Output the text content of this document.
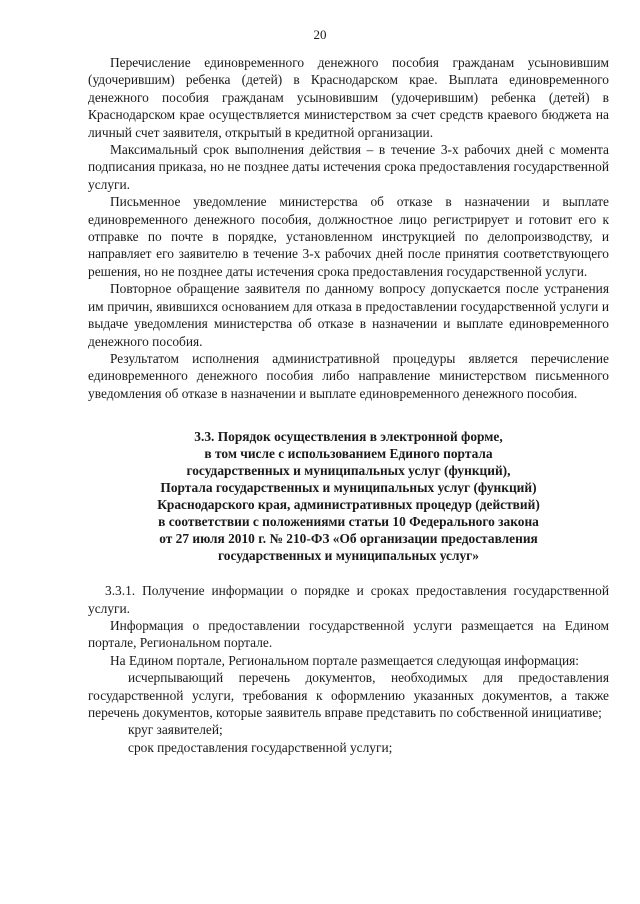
20

Перечисление единовременного денежного пособия гражданам усыновившим (удочерившим) ребенка (детей) в Краснодарском крае. Выплата единовременного денежного пособия гражданам усыновившим (удочерившим) ребенка (детей) в Краснодарском крае осуществляется министерством за счет средств краевого бюджета на личный счет заявителя, открытый в кредитной организации.

Максимальный срок выполнения действия – в течение 3-х рабочих дней с момента подписания приказа, но не позднее даты истечения срока предоставления государственной услуги.

Письменное уведомление министерства об отказе в назначении и выплате единовременного денежного пособия, должностное лицо регистрирует и готовит его к отправке по почте в порядке, установленном инструкцией по делопроизводству, и направляет его заявителю в течение 3-х рабочих дней после принятия соответствующего решения, но не позднее даты истечения срока предоставления государственной услуги.

Повторное обращение заявителя по данному вопросу допускается после устранения им причин, явившихся основанием для отказа в предоставлении государственной услуги и выдаче уведомления министерства об отказе в назначении и выплате единовременного денежного пособия.

Результатом исполнения административной процедуры является перечисление единовременного денежного пособия либо направление министерством письменного уведомления об отказе в назначении и выплате единовременного денежного пособия.

3.3. Порядок осуществления в электронной форме,
в том числе с использованием Единого портала
государственных и муниципальных услуг (функций),
Портала государственных и муниципальных услуг (функций)
Краснодарского края, административных процедур (действий)
в соответствии с положениями статьи 10 Федерального закона
от 27 июля 2010 г. № 210-ФЗ «Об организации предоставления
государственных и муниципальных услуг»

3.3.1. Получение информации о порядке и сроках предоставления государственной услуги.

Информация о предоставлении государственной услуги размещается на Едином портале, Региональном портале.

На Едином портале, Региональном портале размещается следующая информация:

исчерпывающий перечень документов, необходимых для предоставления государственной услуги, требования к оформлению указанных документов, а также перечень документов, которые заявитель вправе представить по собственной инициативе;

круг заявителей;

срок предоставления государственной услуги;
